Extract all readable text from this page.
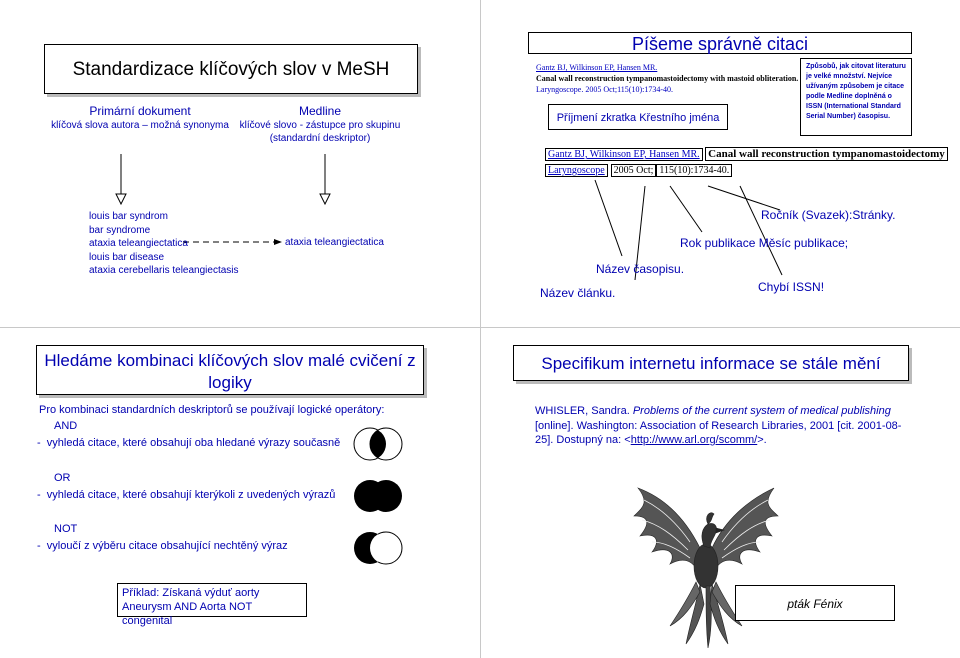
Standardizace klíčových slov v MeSH
Primární dokument
klíčová slova autora – možná synonyma
Medline
klíčové slovo - zástupce pro skupinu
(standardní deskriptor)
louis bar syndrom
bar syndrome
ataxia teleangiectatica
louis bar disease
ataxia cerebellaris teleangiectasis
ataxia teleangiectatica
Píšeme správně citaci
Gantz BJ, Wilkinson EP, Hansen MR.
Canal wall reconstruction tympanomastoidectomy with mastoid obliteration.
Laryngoscope. 2005 Oct;115(10):1734-40.
Způsobů, jak citovat literaturu je velké množství. Nejvíce užívaným způsobem je citace podle Medline doplněná o ISSN (International Standard Serial Number) časopisu.
Příjmení zkratka Křestního jména
Gantz BJ, Wilkinson EP, Hansen MR. Canal wall reconstruction tympanomastoidectomy
Laryngoscope 2005 Oct; 115(10):1734-40.
Ročník (Svazek):Stránky.
Rok publikace Měsíc publikace;
Název časopisu.
Chybí ISSN!
Název článku.
Hledáme kombinaci klíčových slov malé cvičení z logiky
Pro kombinaci standardních deskriptorů se používají logické operátory:
AND
-  vyhledá citace, které obsahují oba hledané výrazy současně
OR
-  vyhledá citace, které obsahují kterýkoli z uvedených výrazů
NOT
-  vyloučí z výběru citace obsahující nechtěný výraz
Příklad: Získaná výduť aorty
Aneurysm AND Aorta NOT congenital
Specifikum internetu informace se stále mění
WHISLER, Sandra. Problems of the current system of medical publishing [online]. Washington: Association of Research Libraries, 2001 [cit. 2001-08-25]. Dostupný na: <http://www.arl.org/scomm/>.
pták Fénix
